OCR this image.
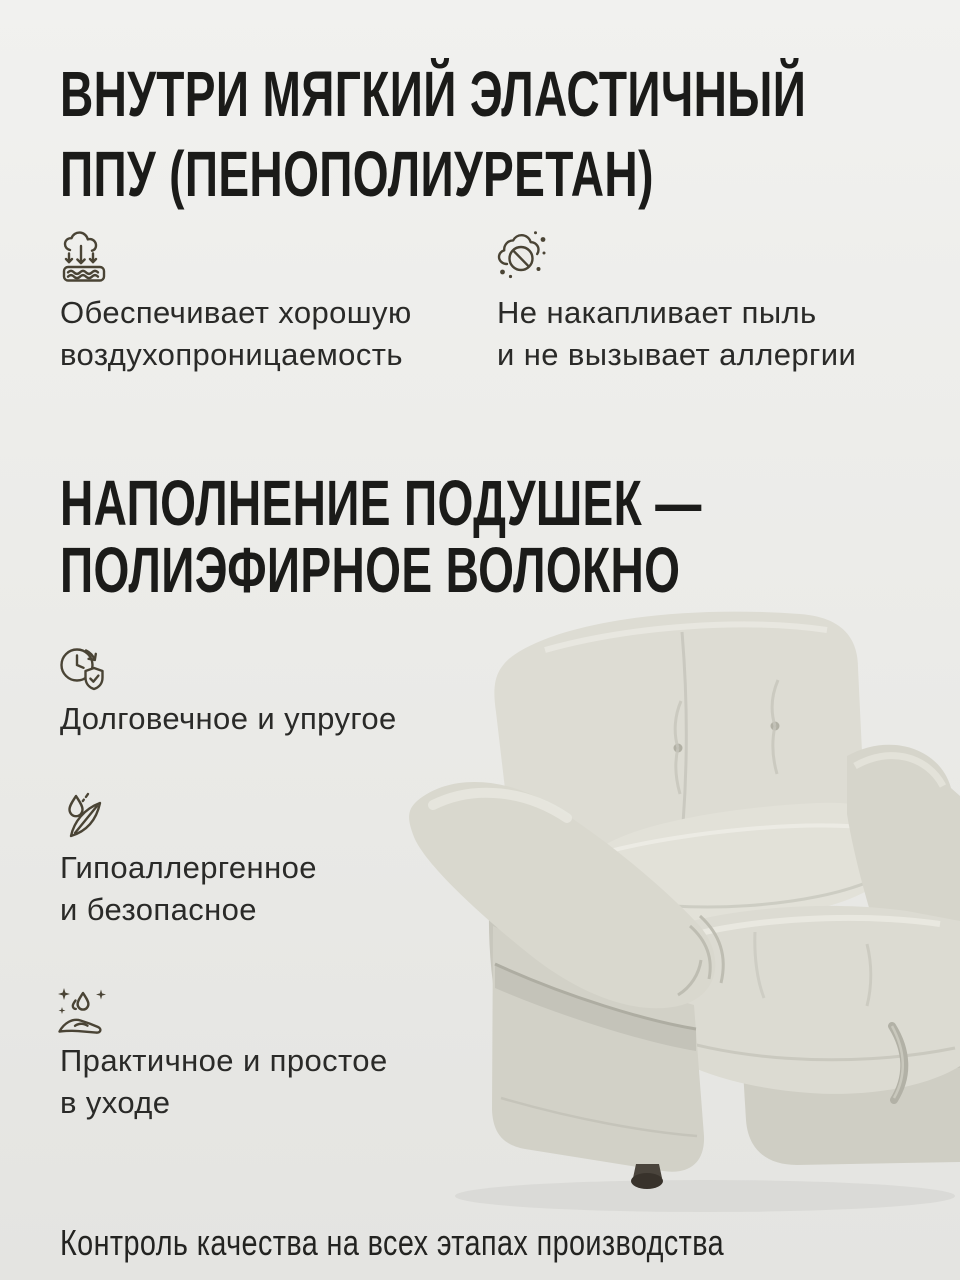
ВНУТРИ МЯГКИЙ ЭЛАСТИЧНЫЙ
ППУ (ПЕНОПОЛИУРЕТАН)
Обеспечивает хорошую
воздухопроницаемость
Не накапливает пыль
и не вызывает аллергии
НАПОЛНЕНИЕ ПОДУШЕК —
ПОЛИЭФИРНОЕ ВОЛОКНО
Долговечное и упругое
Гипоаллергенное
и безопасное
Практичное и простое
в уходе
Контроль качества на всех этапах производства
